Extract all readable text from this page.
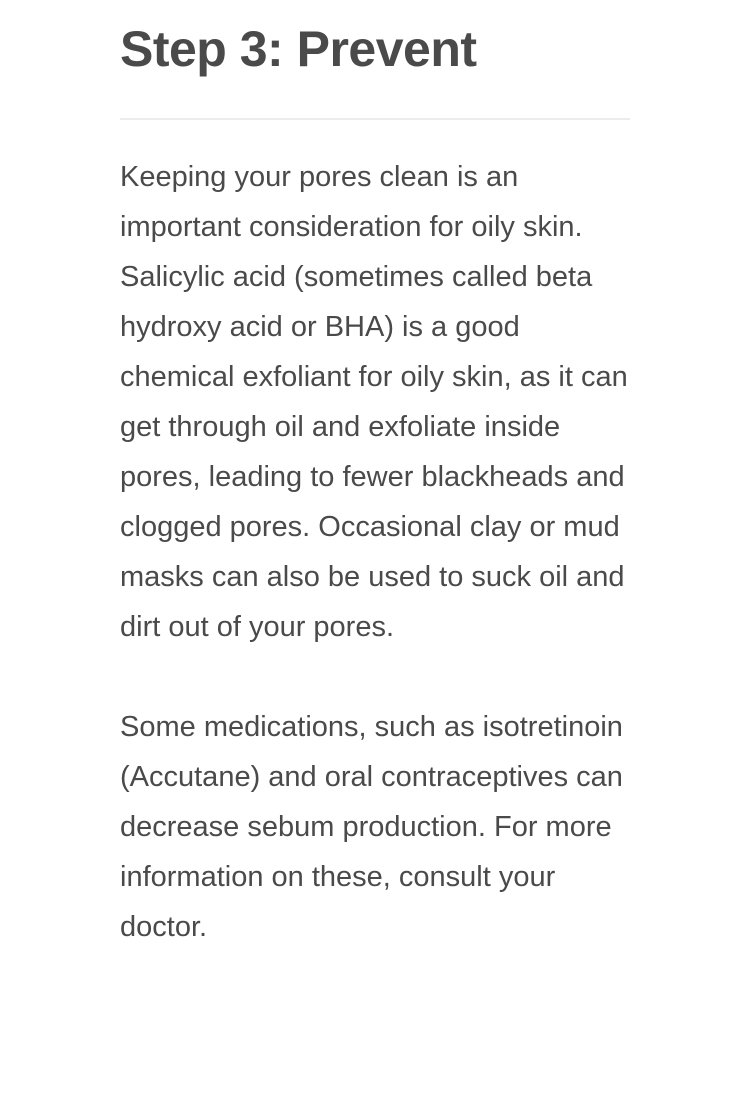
Step 3: Prevent

Keeping your pores clean is an important consideration for oily skin. Salicylic acid (sometimes called beta hydroxy acid or BHA) is a good chemical exfoliant for oily skin, as it can get through oil and exfoliate inside pores, leading to fewer blackheads and clogged pores. Occasional clay or mud masks can also be used to suck oil and dirt out of your pores.

Some medications, such as isotretinoin (Accutane) and oral contraceptives can decrease sebum production. For more information on these, consult your doctor.
